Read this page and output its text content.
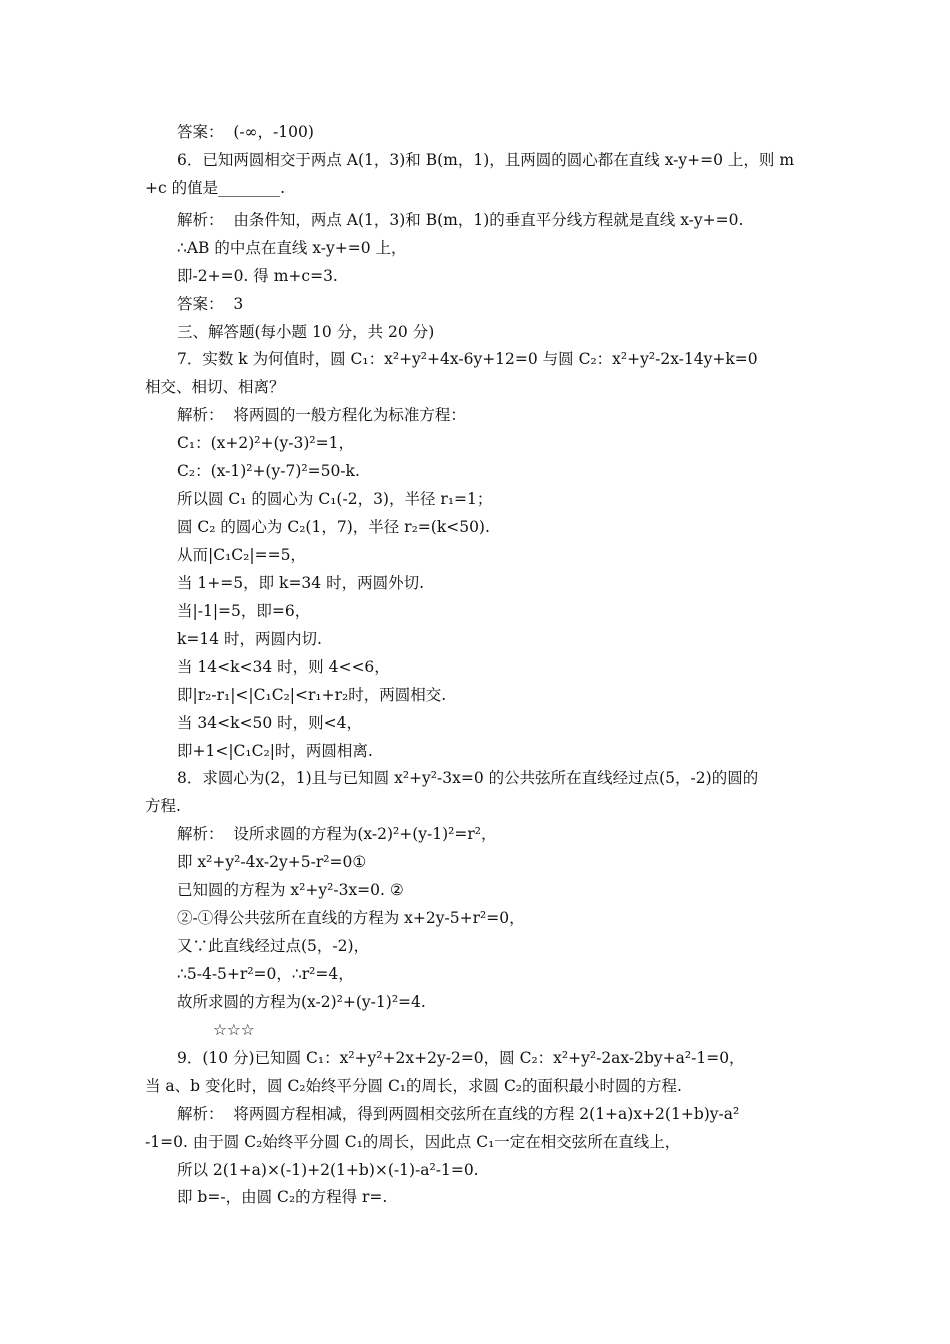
答案：  (-∞，-100)
6．已知两圆相交于两点 A(1，3)和 B(m，1)，且两圆的圆心都在直线 x-y+=0 上，则 m
+c 的值是________.
解析：  由条件知，两点 A(1，3)和 B(m，1)的垂直平分线方程就是直线 x-y+=0.
∴AB 的中点在直线 x-y+=0 上，
即-2+=0. 得 m+c=3.
答案：  3
三、解答题(每小题 10 分，共 20 分)
7．实数 k 为何值时，圆 C₁：x²+y²+4x-6y+12=0 与圆 C₂：x²+y²-2x-14y+k=0
相交、相切、相离？
解析：  将两圆的一般方程化为标准方程：
C₁：(x+2)²+(y-3)²=1，
C₂：(x-1)²+(y-7)²=50-k.
所以圆 C₁ 的圆心为 C₁(-2，3)，半径 r₁=1；
圆 C₂ 的圆心为 C₂(1，7)，半径 r₂=(k<50).
从而|C₁C₂|==5，
当 1+=5，即 k=34 时，两圆外切.
当|-1|=5，即=6，
k=14 时，两圆内切.
当 14<k<34 时，则 4<<6，
即|r₂-r₁|<|C₁C₂|<r₁+r₂时，两圆相交.
当 34<k<50 时，则<4，
即+1<|C₁C₂|时，两圆相离.
8．求圆心为(2，1)且与已知圆 x²+y²-3x=0 的公共弦所在直线经过点(5，-2)的圆的
方程.
解析：  设所求圆的方程为(x-2)²+(y-1)²=r²，
即 x²+y²-4x-2y+5-r²=0①
已知圆的方程为 x²+y²-3x=0. ②
②-①得公共弦所在直线的方程为 x+2y-5+r²=0，
又∵此直线经过点(5，-2)，
∴5-4-5+r²=0，∴r²=4，
故所求圆的方程为(x-2)²+(y-1)²=4.
☆☆☆
9．(10 分)已知圆 C₁：x²+y²+2x+2y-2=0，圆 C₂：x²+y²-2ax-2by+a²-1=0，
当 a、b 变化时，圆 C₂始终平分圆 C₁的周长，求圆 C₂的面积最小时圆的方程.
解析：  将两圆方程相减，得到两圆相交弦所在直线的方程 2(1+a)x+2(1+b)y-a²
-1=0. 由于圆 C₂始终平分圆 C₁的周长，因此点 C₁一定在相交弦所在直线上，
所以 2(1+a)×(-1)+2(1+b)×(-1)-a²-1=0.
即 b=-，由圆 C₂的方程得 r=.
